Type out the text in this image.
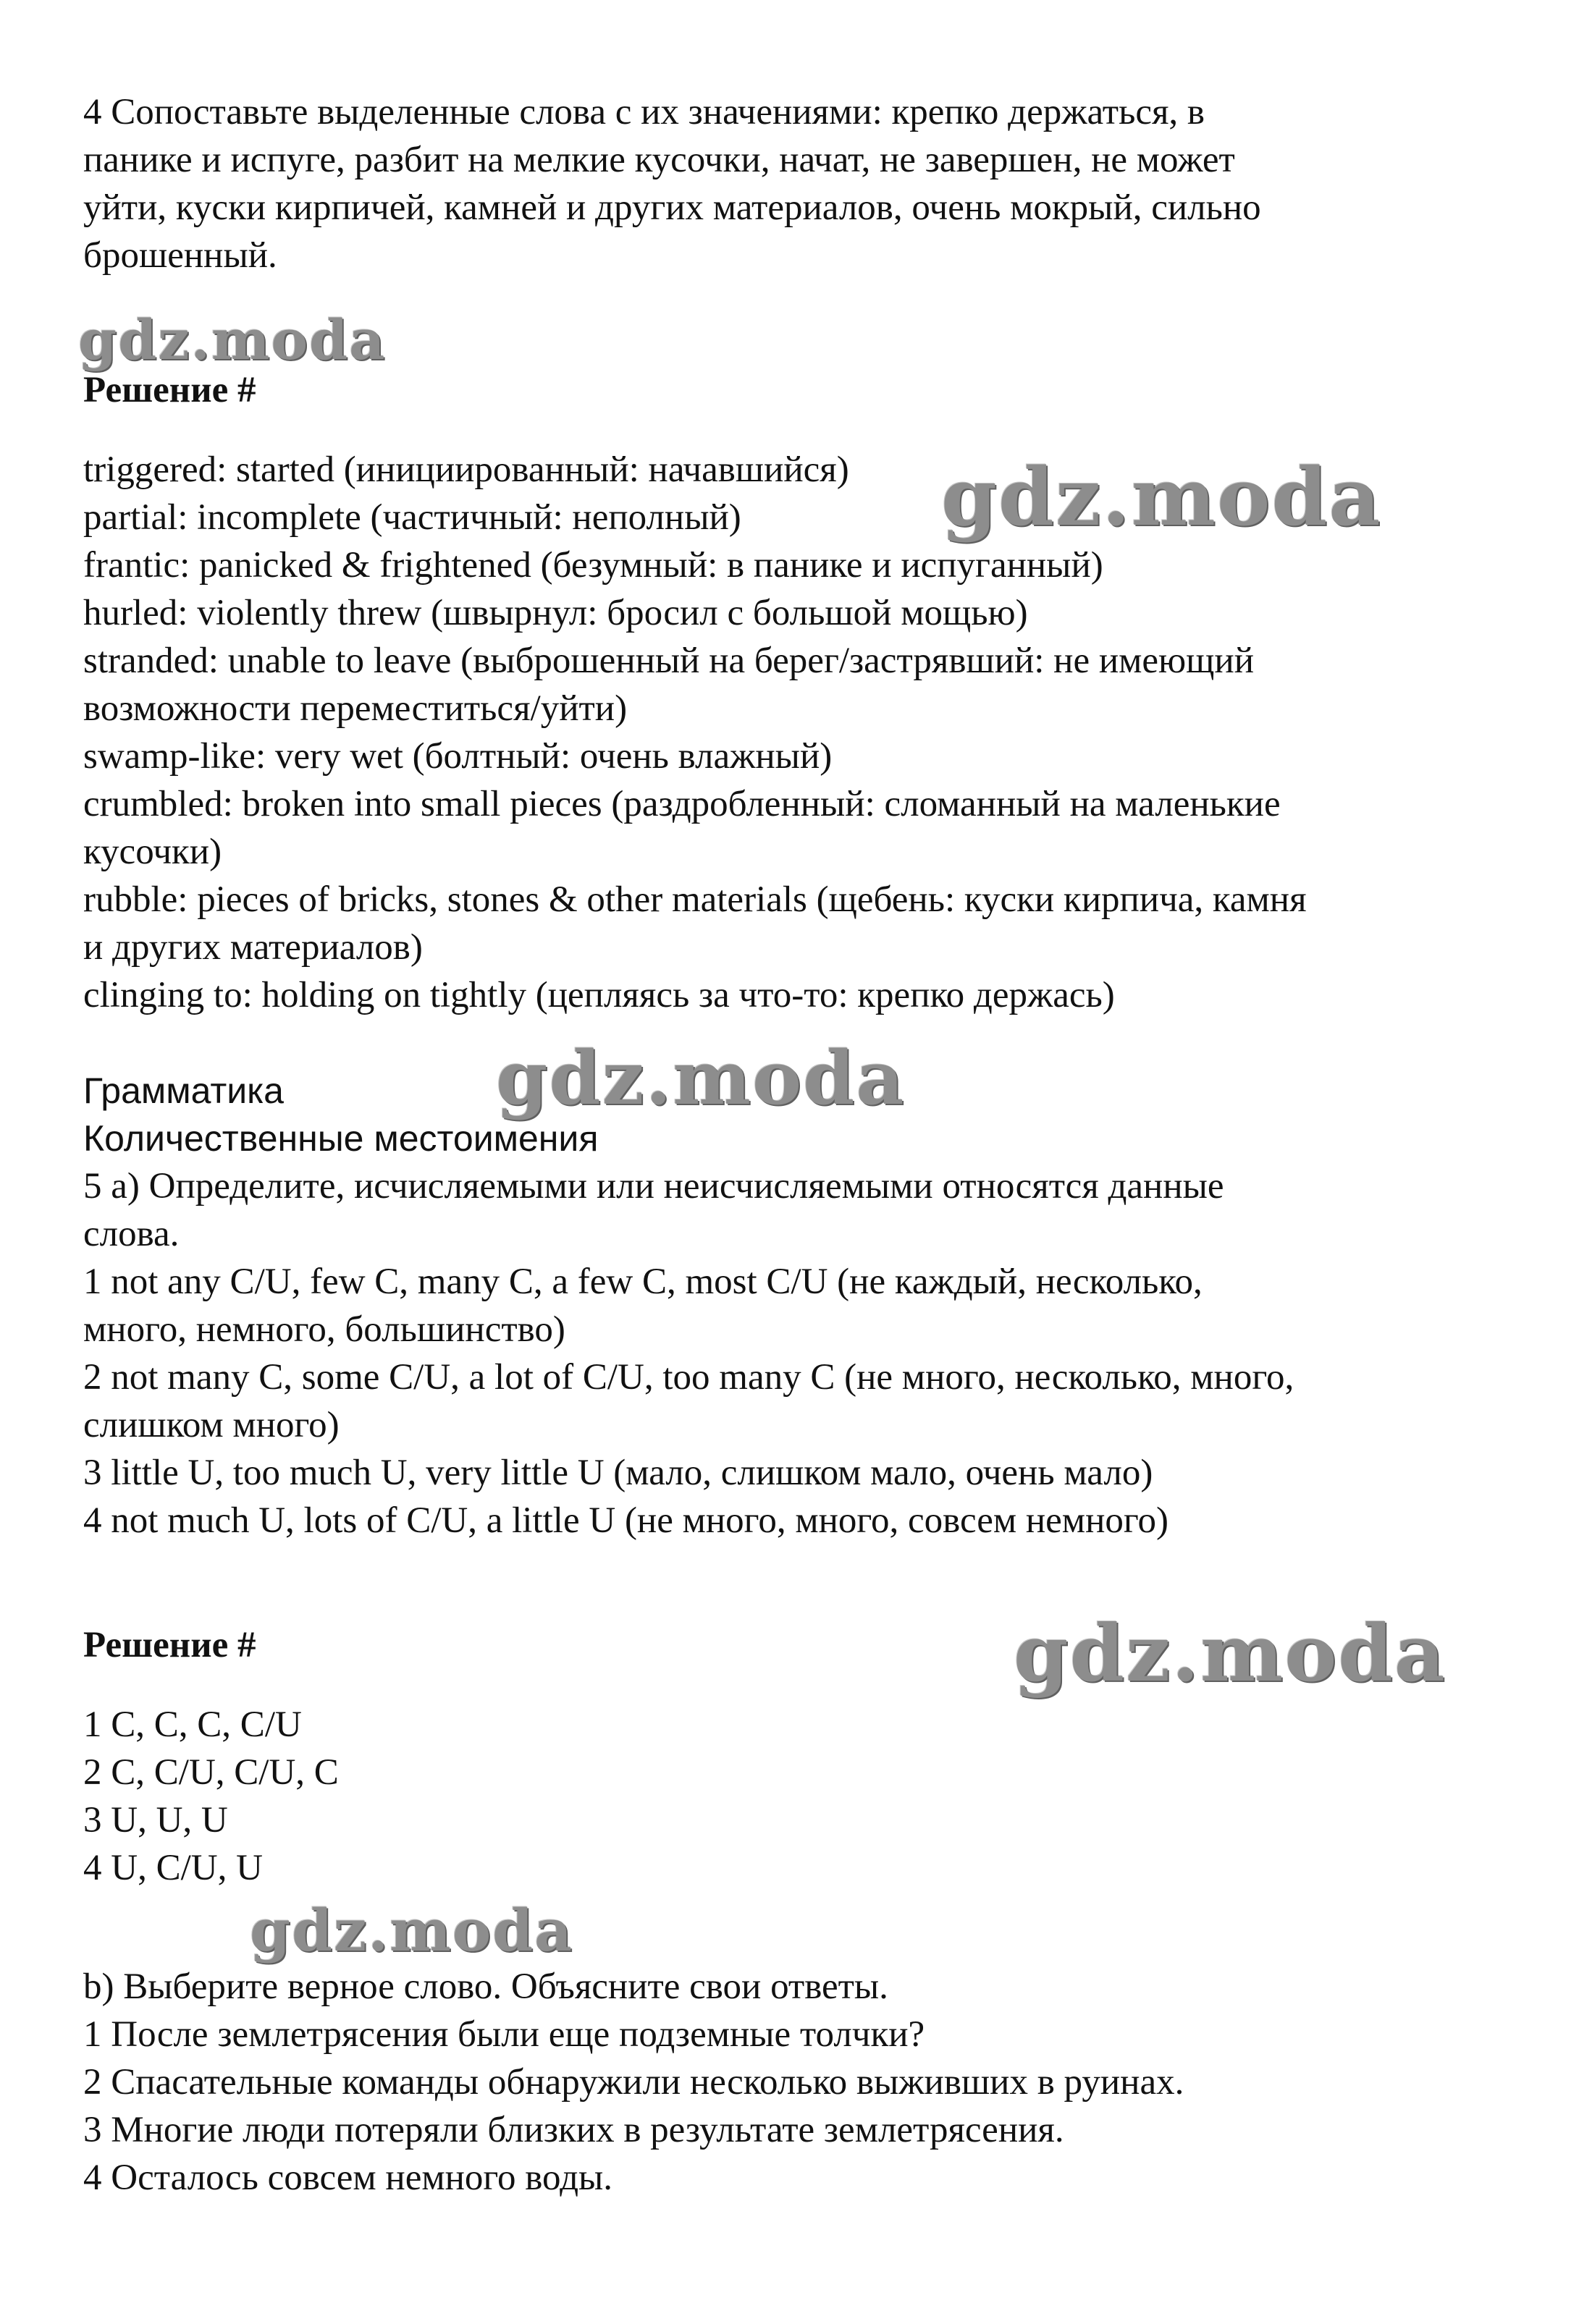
4 Сопоставьте выделенные слова с их значениями: крепко держаться, в
панике и испуге, разбит на мелкие кусочки, начат, не завершен, не может
уйти, куски кирпичей, камней и других материалов, очень мокрый, сильно
брошенный.
gdz.moda
Решение #
triggered: started (инициированный: начавшийся)
partial: incomplete (частичный: неполный)
frantic: panicked & frightened (безумный: в панике и испуганный)
hurled: violently threw (швырнул: бросил с большой мощью)
stranded: unable to leave (выброшенный на берег/застрявший: не имеющий
возможности переместиться/уйти)
swamp-like: very wet (болтный: очень влажный)
crumbled: broken into small pieces (раздробленный: сломанный на маленькие
кусочки)
rubble: pieces of bricks, stones & other materials (щебень: куски кирпича, камня
и других материалов)
clinging to: holding on tightly (цепляясь за что-то: крепко держась)
gdz.moda
Грамматика
Количественные местоимения
gdz.moda
5 a) Определите, исчисляемыми или неисчисляемыми относятся данные
слова.
1 not any C/U, few C, many C, a few C, most C/U (не каждый, несколько,
много, немного, большинство)
2 not many C, some C/U, a lot of C/U, too many C (не много, несколько, много,
слишком много)
3 little U, too much U, very little U (мало, слишком мало, очень мало)
4 not much U, lots of C/U, a little U (не много, много, совсем немного)
Решение #	gdz.moda
1 C, C, C, C/U
2 C, C/U, C/U, C
3 U, U, U
4 U, C/U, U
gdz.moda
b) Выберите верное слово. Объясните свои ответы.
1 После землетрясения были еще подземные толчки?
2 Спасательные команды обнаружили несколько выживших в руинах.
3 Многие люди потеряли близких в результате землетрясения.
4 Осталось совсем немного воды.
